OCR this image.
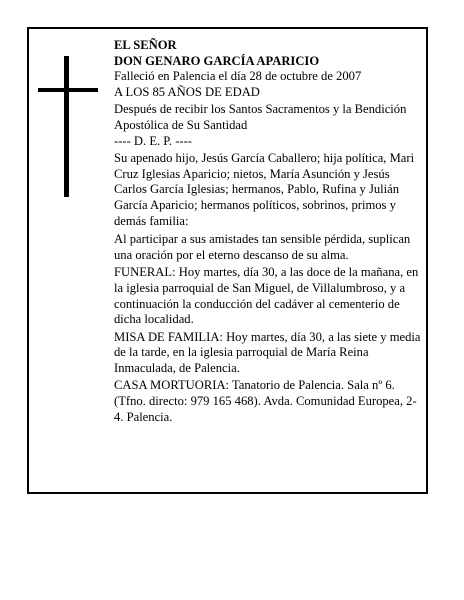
EL SEÑOR

DON GENARO GARCÍA APARICIO

Falleció en Palencia el día 28 de octubre de 2007

A LOS 85 AÑOS DE EDAD

Después de recibir los Santos Sacramentos y la Bendición Apostólica de Su Santidad

---- D. E. P. ----

Su apenado hijo, Jesús García Caballero; hija política, Mari Cruz Iglesias Aparicio; nietos, María Asunción y Jesús Carlos García Iglesias; hermanos, Pablo, Rufina y Julián García Aparicio; hermanos políticos, sobrinos, primos y demás familia:

Al participar a sus amistades tan sensible pérdida, suplican una oración por el eterno descanso de su alma.

FUNERAL: Hoy martes, día 30, a las doce de la mañana, en la iglesia parroquial de San Miguel, de Villalumbroso, y a continuación la conducción del cadáver al cementerio de dicha localidad.

MISA DE FAMILIA: Hoy martes, día 30, a las siete y media de la tarde, en la iglesia parroquial de María Reina Inmaculada, de Palencia.

CASA MORTUORIA: Tanatorio de Palencia. Sala nº 6. (Tfno. directo: 979 165 468). Avda. Comunidad Europea, 2-4. Palencia.
